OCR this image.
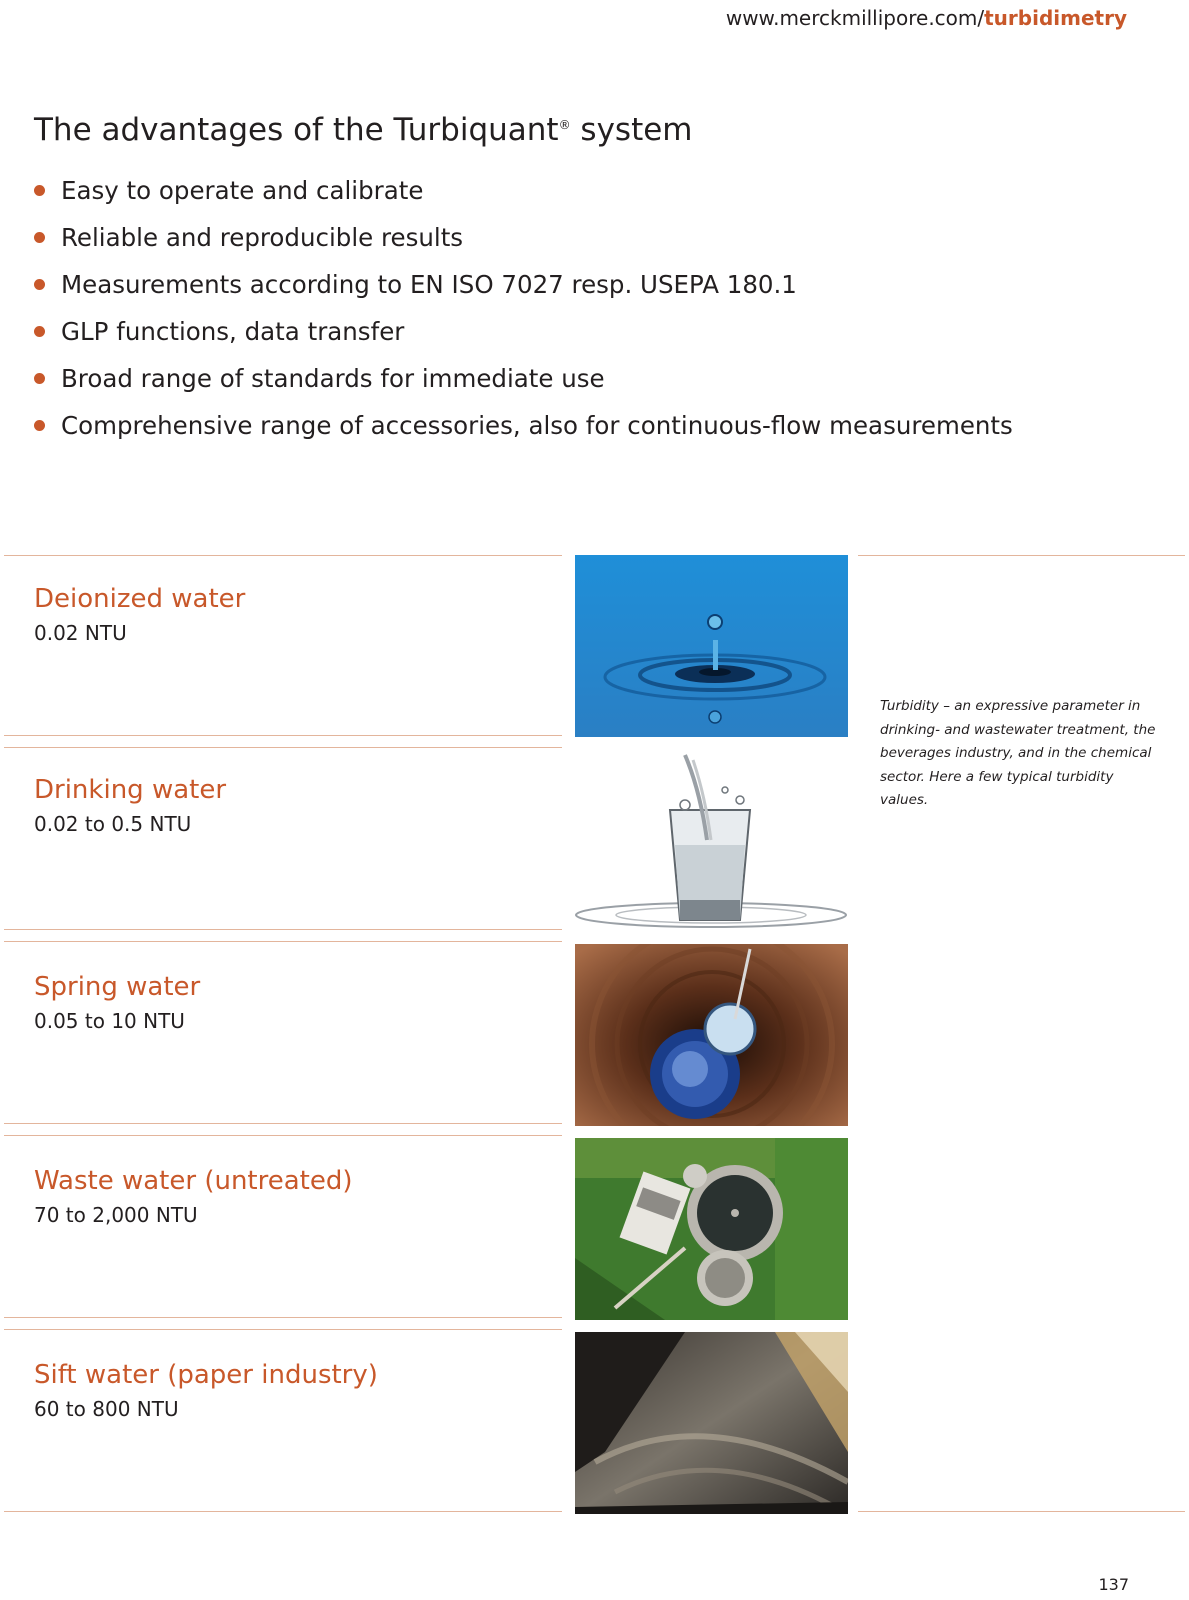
www.merckmillipore.com/turbidimetry
The advantages of the Turbiquant® system
Easy to operate and calibrate
Reliable and reproducible results
Measurements according to EN ISO 7027 resp. USEPA 180.1
GLP functions, data transfer
Broad range of standards for immediate use
Comprehensive range of accessories, also for continuous-flow measurements
Deionized water
0.02 NTU
Drinking water
0.02 to 0.5 NTU
Spring water
0.05 to 10 NTU
Waste water (untreated)
70 to 2,000 NTU
Sift water (paper industry)
60 to 800 NTU
Turbidity – an expressive parameter in drinking- and wastewater treatment, the beverages industry, and in the chemical sector. Here a few typical turbidity values.
137
